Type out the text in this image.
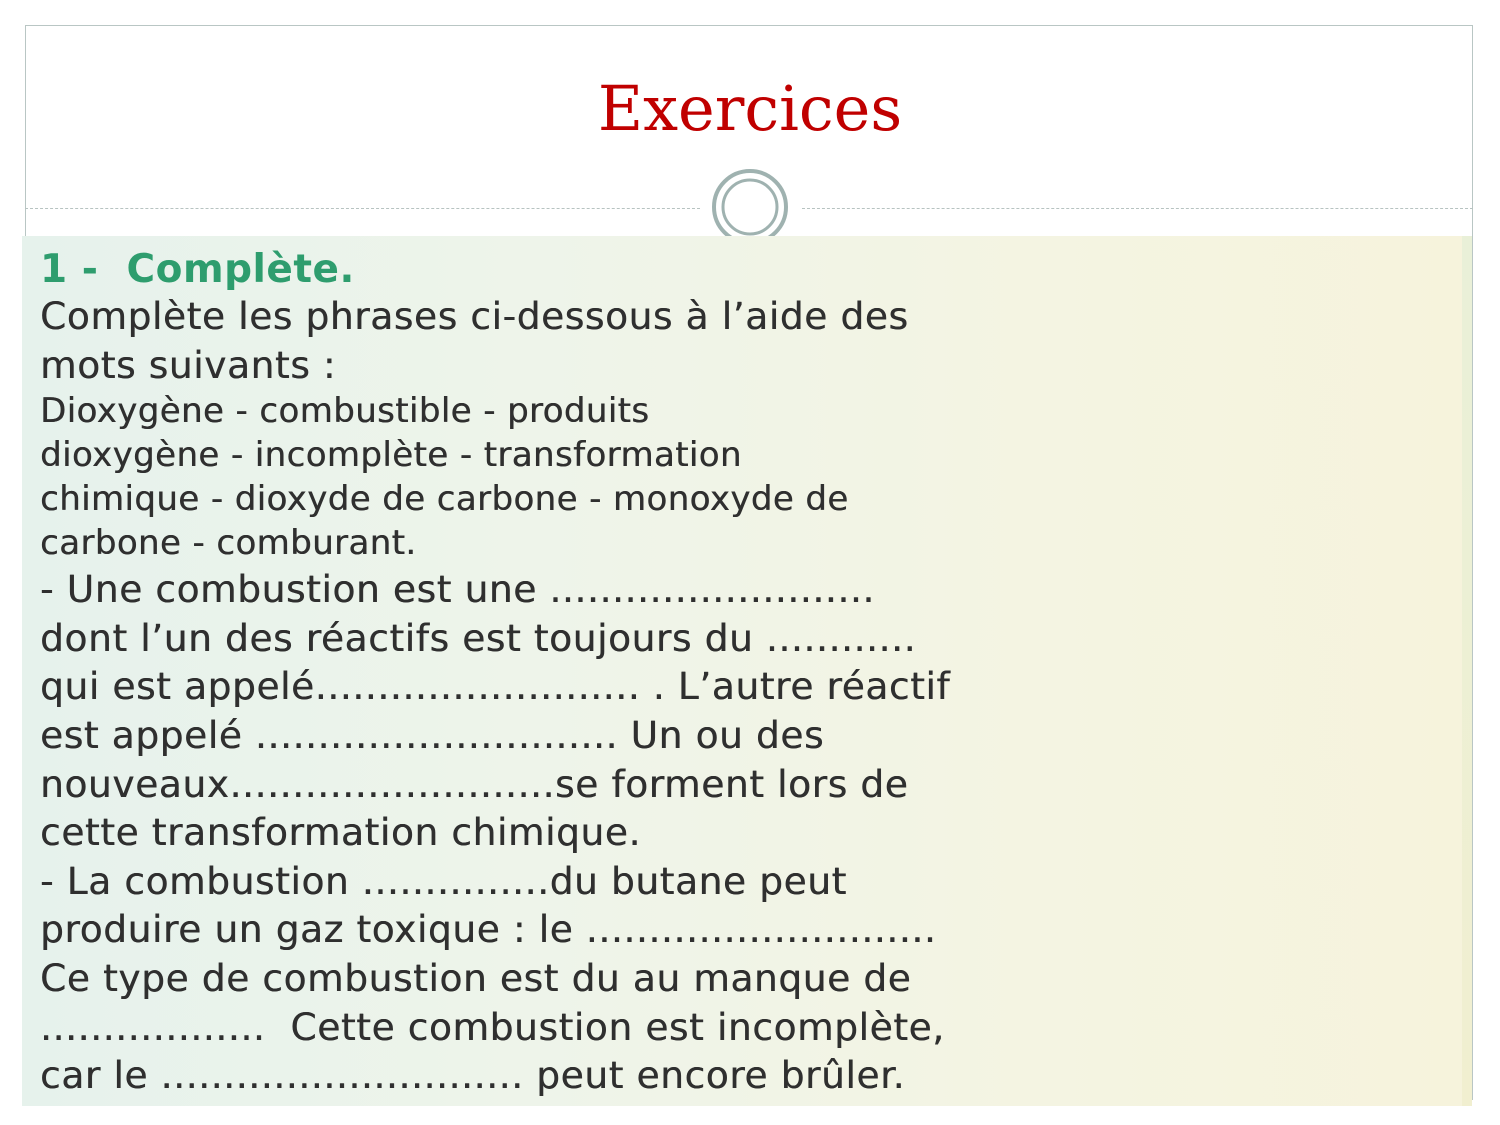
Exercices

1 -  Complète.

Complète les phrases ci-dessous à l’aide des

mots suivants :

Dioxygène - combustible - produits

dioxygène - incomplète - transformation

chimique - dioxyde de carbone - monoxyde de

carbone - comburant.

- Une combustion est une ..........................

dont l’un des réactifs est toujours du ............

qui est appelé.......................... . L’autre réactif

est appelé ............................. Un ou des

nouveaux..........................se forment lors de

cette transformation chimique.

- La combustion ...............du butane peut

produire un gaz toxique : le ............................

Ce type de combustion est du au manque de

..................  Cette combustion est incomplète,

car le ............................. peut encore brûler.
